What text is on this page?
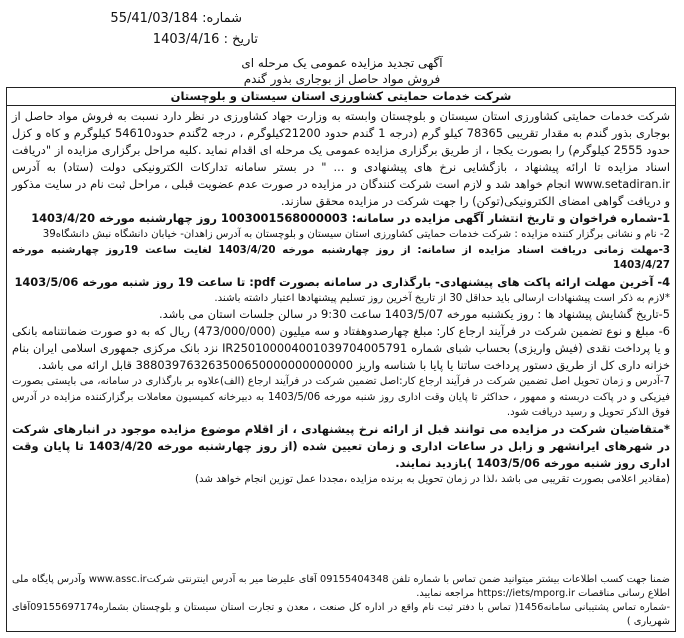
شماره: 55/41/03/184
تاریخ : 1403/4/16
آگهی تجدید مزایده عمومی یک مرحله ای
فروش مواد حاصل از بوجاری بذور گندم
شرکت خدمات حمایتی کشاورزی استان سیستان و بلوچستان

شرکت خدمات حمایتی کشاورزی استان سیستان و بلوچستان وابسته به وزارت جهاد کشاورزی در نظر دارد نسبت به فروش مواد حاصل از بوجاری بذور گندم به مقدار تقریبی 78365 کیلو گرم (درجه 1 گندم حدود 21200کیلوگرم ، درجه 2گندم حدود54610 کیلوگرم و کاه و کزل حدود 2555 کیلوگرم) را بصورت یکجا ، از طریق برگزاری مزایده عمومی یک مرحله ای اقدام نماید .کلیه مراحل برگزاری مزایده از "دریافت اسناد مزایده تا ارائه پیشنهاد ، بازگشایی نرخ های پیشنهادی و ... " در بستر سامانه تدارکات الکترونیکی دولت (ستاد) به آدرس www.setadiran.ir انجام خواهد شد و لازم است شرکت کنندگان در مزایده در صورت عدم عضویت قبلی ، مراحل ثبت نام در سایت مذکور و دریافت گواهی امضای الکترونیکی(توکن) را جهت شرکت در مزایده محقق سازند.

1-شماره فراخوان و تاریخ انتشار آگهی مزایده در سامانه: 1003001568000003 روز چهارشنبه مورخه 1403/4/20

2- نام و نشانی برگزار کننده مزایده : شرکت خدمات حمایتی کشاورزی استان سیستان و بلوچستان به آدرس زاهدان- خیابان دانشگاه نبش دانشگاه39

3-مهلت زمانی دریافت اسناد مزایده از سامانه: از روز چهارشنبه مورخه 1403/4/20 لغایت ساعت 19روز چهارشنبه مورخه 1403/4/27

4- آخرین مهلت ارائه پاکت های پیشنهادی- بارگذاری در سامانه بصورت pdf: تا ساعت 19 روز شنبه مورخه 1403/5/06

*لازم به ذکر است پیشنهادات ارسالی باید حداقل 30 از تاریخ آخرین روز تسلیم پیشنهادها اعتبار داشته باشند.

5-تاریخ گشایش پیشنهاد ها : روز یکشنبه مورخه 1403/5/07 ساعت 9:30 در سالن جلسات استان می باشد.

6- مبلغ و نوع تضمین شرکت در فرآیند ارجاع کار: مبلغ چهارصدوهفتاد و سه میلیون (473/000/000) ریال که به دو صورت ضمانتنامه بانکی و یا پرداخت نقدی (فیش واریزی) بحساب شبای شماره IR250100004001039704005791 نزد بانک مرکزی جمهوری اسلامی ایران بنام خزانه داری کل از طریق دستور پرداخت ساتنا یا پایا با شناسه واریز 388039763263500650000000000000 قابل ارائه می باشد.

7-آدرس و زمان تحویل اصل تضمین شرکت در فرآیند ارجاع کار:اصل تضمین شرکت در فرآیند ارجاع (الف)علاوه بر بارگذاری در سامانه، می بایستی بصورت فیزیکی و در پاکت دربسته و ممهور ، حداکثر تا پایان وقت اداری روز شنبه مورخه 1403/5/06 به دبیرخانه کمیسیون معاملات برگزارکننده مزایده در آدرس فوق الذکر تحویل و رسید دریافت شود.

*متقاضیان شرکت در مزایده می توانند قبل از ارائه نرخ پیشنهادی ، از اقلام موضوع مزایده موجود در انبارهای شرکت در شهرهای ایرانشهر و زابل در ساعات اداری و زمان تعیین شده (از روز چهارشنبه مورخه 1403/4/20 تا پایان وقت اداری روز شنبه مورخه 1403/5/06 )بازدید نمایند.

(مقادیر اعلامی بصورت تقریبی می باشد ،لذا در زمان تحویل به برنده مزایده ،مجددا عمل توزین انجام خواهد شد)

ضمنا جهت کسب اطلاعات بیشتر میتوانید ضمن تماس با شماره تلفن 09155404348 آقای علیرضا میر به آدرس اینترنتی شرکتwww.assc.ir وآدرس پایگاه ملی اطلاع رسانی مناقصات https://iets/mporg.ir مراجعه نمایید.

-شماره تماس پشتیبانی سامانه1456( تماس با دفتر ثبت نام واقع در اداره کل صنعت ، معدن و تجارت استان سیستان و بلوچستان بشماره09155697174آقای شهریاری )
